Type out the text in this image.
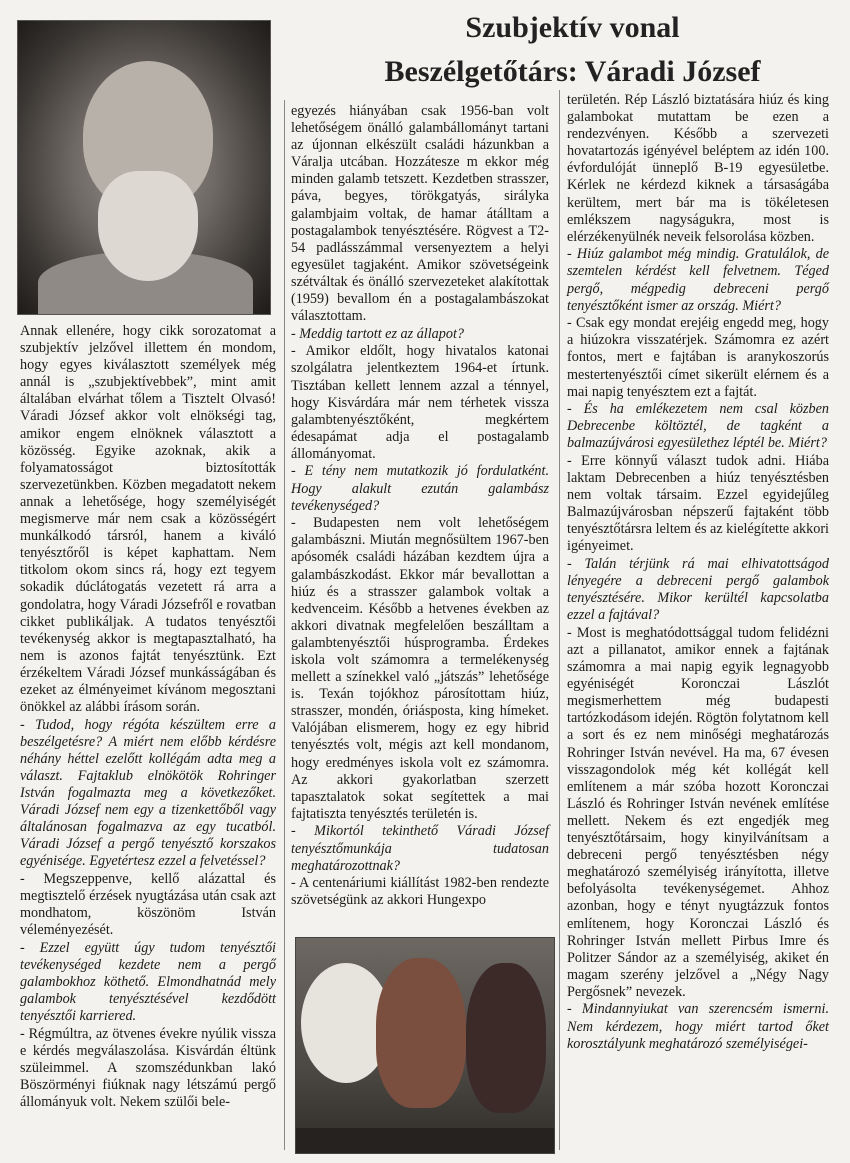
Szubjektív vonal
Beszélgetőtárs: Váradi József

Annak ellenére, hogy cikk sorozatomat a szubjektív jelzővel illettem én mondom, hogy egyes kiválasztott személyek még annál is „szubjektívebbek”, mint amit általában elvárhat tőlem a Tisztelt Olvasó! Váradi József akkor volt elnökségi tag, amikor engem elnöknek választott a közösség. Egyike azoknak, akik a folyamatosságot biztosították szervezetünkben. Közben megadatott nekem annak a lehetősége, hogy személyiségét megismerve már nem csak a közösségért munkálkodó társról, hanem a kiváló tenyésztőről is képet kaphattam. Nem titkolom okom sincs rá, hogy ezt tegyem sokadik dúclátogatás vezetett rá arra a gondolatra, hogy Váradi Józsefről e rovatban cikket publikáljak. A tudatos tenyésztői tevékenység akkor is megtapasztalható, ha nem is azonos fajtát tenyésztünk. Ezt érzékeltem Váradi József munkásságában és ezeket az élményeimet kívánom megosztani önökkel az alábbi írásom során.

- Tudod, hogy régóta készültem erre a beszélgetésre? A miért nem előbb kérdésre néhány héttel ezelőtt kollégám adta meg a választ. Fajtaklub elnökötök Rohringer István fogalmazta meg a következőket. Váradi József nem egy a tizenkettőből vagy általánosan fogalmazva az egy tucatból. Váradi József a pergő tenyésztő korszakos egyénisége. Egyetértesz ezzel a felvetéssel?

- Megszeppenve, kellő alázattal és megtisztelő érzések nyugtázása után csak azt mondhatom, köszönöm István véleményezését.

- Ezzel együtt úgy tudom tenyésztői tevékenységed kezdete nem a pergő galambokhoz köthető. Elmondhatnád mely galambok tenyésztésével kezdődött tenyésztői karriered.

- Régmúltra, az ötvenes évekre nyúlik vissza e kérdés megválaszolása. Kisvárdán éltünk szüleimmel. A szomszédunkban lakó Böszörményi fiúknak nagy létszámú pergő állományuk volt. Nekem szülői bele-

egyezés hiányában csak 1956-ban volt lehetőségem önálló galambállományt tartani az újonnan elkészült családi házunkban a Váralja utcában. Hozzátesze m ekkor még minden galamb tetszett. Kezdetben strasszer, páva, begyes, törökgatyás, sirályka galambjaim voltak, de hamar átálltam a postagalambok tenyésztésére. Rögvest a T2-54 padlásszámmal versenyeztem a helyi egyesület tagjaként. Amikor szövetségeink szétváltak és önálló szervezeteket alakítottak (1959) bevallom én a postagalambászokat választottam.

- Meddig tartott ez az állapot?

- Amikor eldőlt, hogy hivatalos katonai szolgálatra jelentkeztem 1964-et írtunk. Tisztában kellett lennem azzal a ténnyel, hogy Kisvárdára már nem térhetek vissza galambtenyésztőként, megkértem édesapámat adja el postagalamb állományomat.

- E tény nem mutatkozik jó fordulatként. Hogy alakult ezután galambász tevékenységed?

- Budapesten nem volt lehetőségem galambászni. Miután megnősültem 1967-ben apósomék családi házában kezdtem újra a galambászkodást. Ekkor már bevallottan a hiúz és a strasszer galambok voltak a kedvenceim. Később a hetvenes években az akkori divatnak megfelelően beszálltam a galambtenyésztői húsprogramba. Érdekes iskola volt számomra a termelékenység mellett a színekkel való „játszás” lehetősége is. Texán tojókhoz párosítottam hiúz, strasszer, mondén, óriásposta, king hímeket. Valójában elismerem, hogy ez egy hibrid tenyésztés volt, mégis azt kell mondanom, hogy eredményes iskola volt ez számomra. Az akkori gyakorlatban szerzett tapasztalatok sokat segítettek a mai fajtatiszta tenyésztés területén is.

- Mikortól tekinthető Váradi József tenyésztőmunkája tudatosan meghatározottnak?

- A centenáriumi kiállítást 1982-ben rendezte szövetségünk az akkori Hungexpo

területén. Rép László biztatására hiúz és king galambokat mutattam be ezen a rendezvényen. Később a szervezeti hovatartozás igényével beléptem az idén 100. évfordulóját ünneplő B-19 egyesületbe. Kérlek ne kérdezd kiknek a társaságába kerültem, mert bár ma is tökéletesen emlékszem nagyságukra, most is elérzékenyülnék neveik felsorolása közben.

- Hiúz galambot még mindig. Gratulálok, de szemtelen kérdést kell felvetnem. Téged pergő, mégpedig debreceni pergő tenyésztőként ismer az ország. Miért?

- Csak egy mondat erejéig engedd meg, hogy a hiúzokra visszatérjek. Számomra ez azért fontos, mert e fajtában is aranykoszorús mestertenyésztői címet sikerült elérnem és a mai napig tenyésztem ezt a fajtát.

- És ha emlékezetem nem csal közben Debrecenbe költöztél, de tagként a balmazújvárosi egyesülethez léptél be. Miért?

- Erre könnyű választ tudok adni. Hiába laktam Debrecenben a hiúz tenyésztésben nem voltak társaim. Ezzel egyidejűleg Balmazújvárosban népszerű fajtaként több tenyésztőtársra leltem és az kielégítette akkori igényeimet.

- Talán térjünk rá mai elhivatottságod lényegére a debreceni pergő galambok tenyésztésére. Mikor kerültél kapcsolatba ezzel a fajtával?

- Most is meghatódottsággal tudom felidézni azt a pillanatot, amikor ennek a fajtának számomra a mai napig egyik legnagyobb egyéniségét Koronczai Lászlót megismerhettem még budapesti tartózkodásom idején. Rögtön folytatnom kell a sort és ez nem minőségi meghatározás Rohringer István nevével. Ha ma, 67 évesen visszagondolok még két kollégát kell említenem a már szóba hozott Koronczai László és Rohringer István nevének említése mellett. Nekem és ezt engedjék meg tenyésztőtársaim, hogy kinyilvánítsam a debreceni pergő tenyésztésben négy meghatározó személyiség irányította, illetve befolyásolta tevékenységemet. Ahhoz azonban, hogy e tényt nyugtázzuk fontos említenem, hogy Koronczai László és Rohringer István mellett Pirbus Imre és Politzer Sándor az a személyiség, akiket én magam szerény jelzővel a „Négy Nagy Pergősnek” nevezek.

- Mindannyiukat van szerencsém ismerni. Nem kérdezem, hogy miért tartod őket korosztályunk meghatározó személyiségei-
